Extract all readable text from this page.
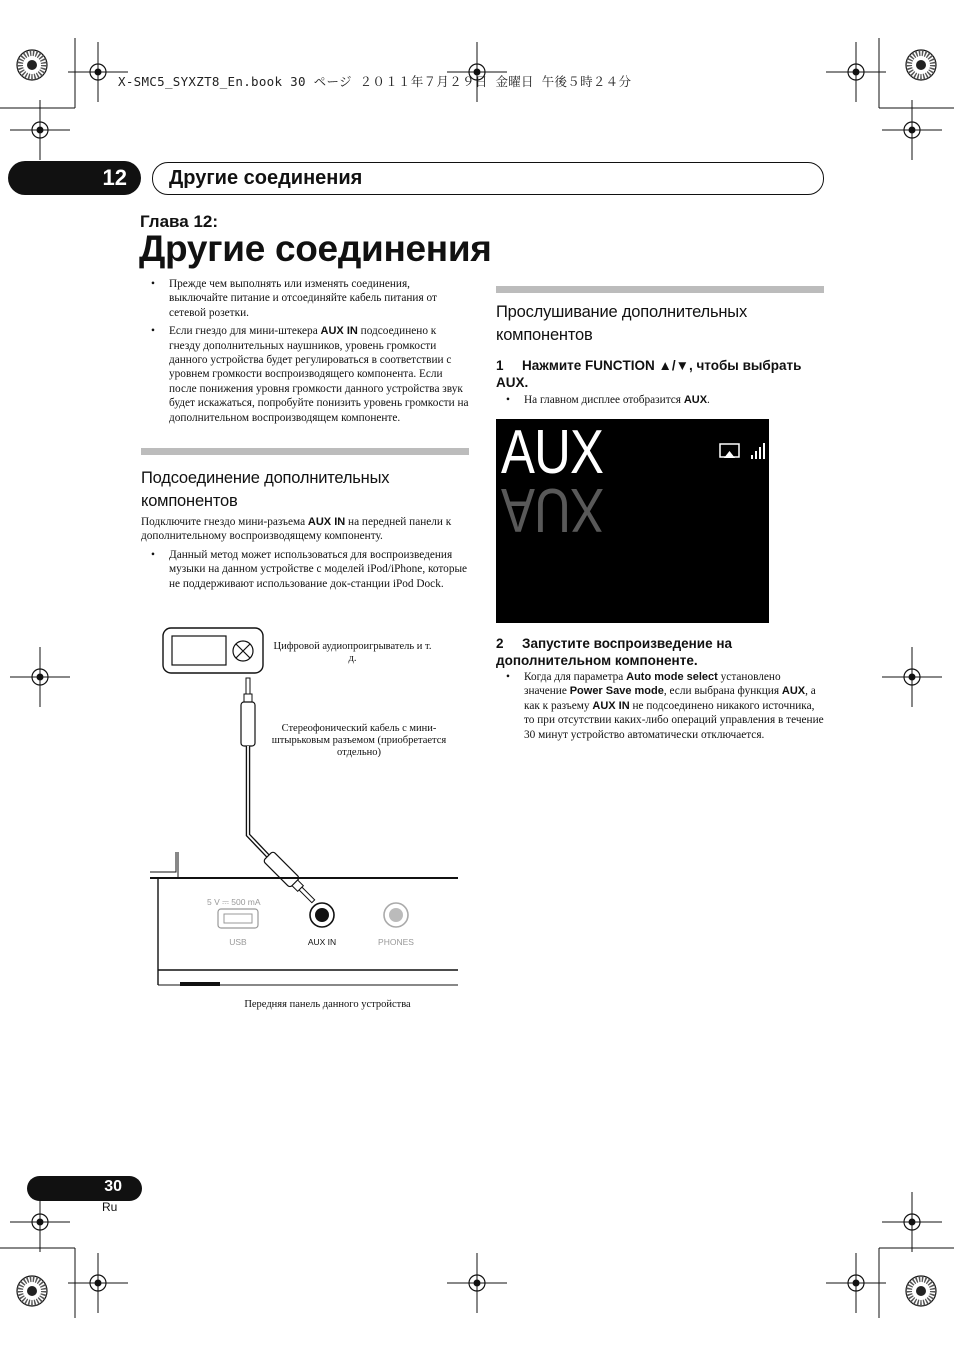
X-SMC5_SYXZT8_En.book 30 ページ ２０１１年７月２９日 金曜日 午後５時２４分
12 Другие соединения
Глава 12:
Другие соединения
• Прежде чем выполнять или изменять соединения, выключайте питание и отсоединяйте кабель питания от сетевой розетки.
• Если гнездо для мини-штекера AUX IN подсоединено к гнезду дополнительных наушников, уровень громкости данного устройства будет регулироваться в соответствии с уровнем громкости воспроизводящего компонента. Если после понижения уровня громкости данного устройства звук будет искажаться, попробуйте понизить уровень громкости на дополнительном воспроизводящем компоненте.
Подсоединение дополнительных компонентов
Подключите гнездо мини-разъема AUX IN на передней панели к дополнительному воспроизводящему компоненту.
• Данный метод может использоваться для воспроизведения музыки на данном устройстве с моделей iPod/iPhone, которые не поддерживают использование док-станции iPod Dock.
5 V ⎓ 500 mA
USB	AUX IN	PHONES
Цифровой аудиопроигрыватель и т. д.
Стереофонический кабель с мини-штырьковым разъемом (приобретается отдельно)
Передняя панель данного устройства
Прослушивание дополнительных компонентов
1 Нажмите FUNCTION ▲/▼, чтобы выбрать AUX.
• На главном дисплее отобразится AUX.
AUX
AUX
2 Запустите воспроизведение на дополнительном компоненте.
• Когда для параметра Auto mode select установлено значение Power Save mode, если выбрана функция AUX, а как к разъему AUX IN не подсоединено никакого источника, то при отсутствии каких-либо операций управления в течение 30 минут устройство автоматически отключается.
30
Ru
